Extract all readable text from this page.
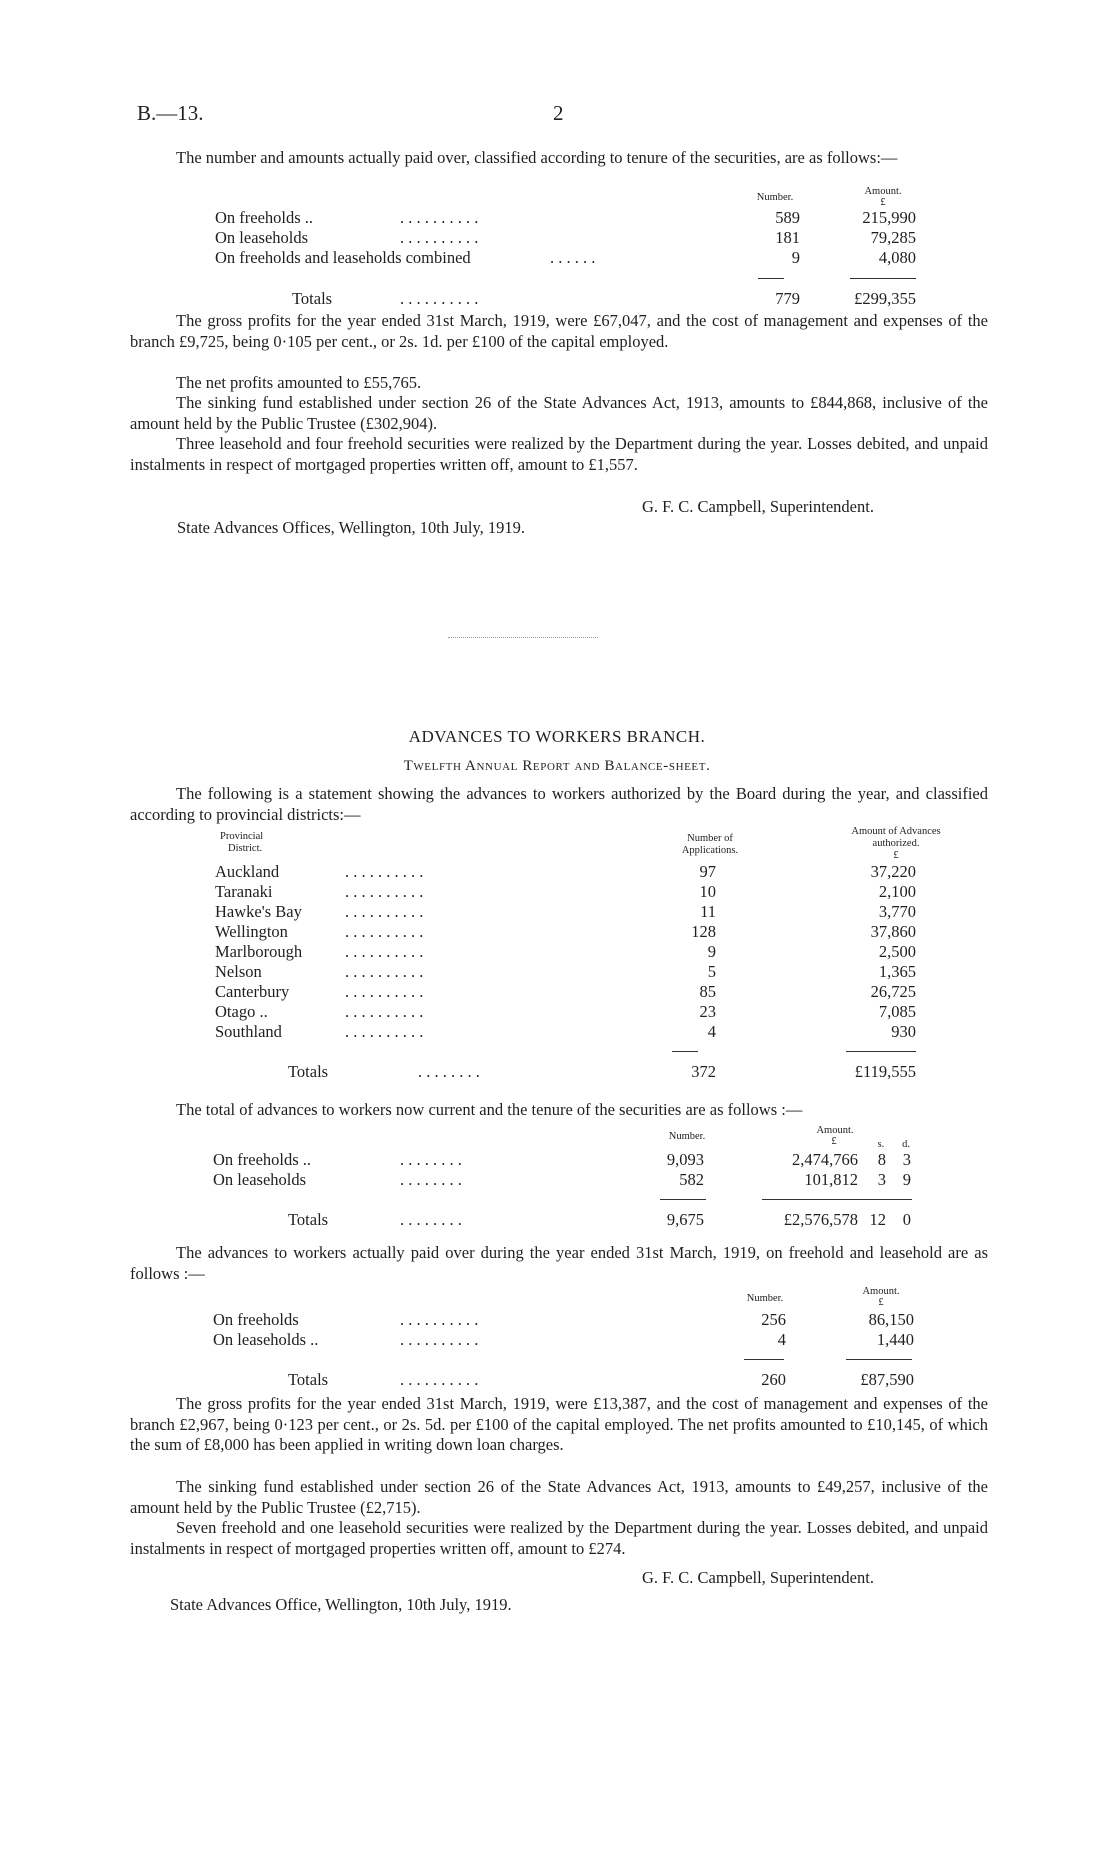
B.—13.	2
The number and amounts actually paid over, classified according to tenure of the securities, are as follows:—
Number.
Amount.
£
On freeholds ..	. . . . . . . . . .	589	215,990
On leaseholds	. . . . . . . . . .	181	79,285
On freeholds and leaseholds combined	. . . . . .	9	4,080
Totals	. . . . . . . . . .	779	£299,355
The gross profits for the year ended 31st March, 1919, were £67,047, and the cost of management and expenses of the branch £9,725, being 0·105 per cent., or 2s. 1d. per £100 of the capital employed.
The net profits amounted to £55,765.
The sinking fund established under section 26 of the State Advances Act, 1913, amounts to £844,868, inclusive of the amount held by the Public Trustee (£302,904).
Three leasehold and four freehold securities were realized by the Department during the year. Losses debited, and unpaid instalments in respect of mortgaged properties written off, amount to £1,557.
G. F. C. Campbell, Superintendent.
State Advances Offices, Wellington, 10th July, 1919.
ADVANCES TO WORKERS BRANCH.
Twelfth Annual Report and Balance-sheet.
The following is a statement showing the advances to workers authorized by the Board during the year, and classified according to provincial districts:—
Provincial
District.
Number of
Applications.
Amount of Advances
authorized.
£
Auckland	. . . . . . . . . .	97	37,220
Taranaki	. . . . . . . . . .	10	2,100
Hawke's Bay	. . . . . . . . . .	11	3,770
Wellington	. . . . . . . . . .	128	37,860
Marlborough	. . . . . . . . . .	9	2,500
Nelson	. . . . . . . . . .	5	1,365
Canterbury	. . . . . . . . . .	85	26,725
Otago ..	. . . . . . . . . .	23	7,085
Southland	. . . . . . . . . .	4	930
Totals	. . . . . . . .	372	£119,555
The total of advances to workers now current and the tenure of the securities are as follows :—
Number.
Amount.
£	s.	d.
On freeholds ..	. . . . . . . .	9,093	2,474,766	8	3
On leaseholds	. . . . . . . .	582	101,812	3	9
Totals	. . . . . . . .	9,675	£2,576,578 12	0
The advances to workers actually paid over during the year ended 31st March, 1919, on freehold and leasehold are as follows :—
Number.
Amount.
£
On freeholds	. . . . . . . . . .	256	86,150
On leaseholds ..	. . . . . . . . . .	4	1,440
Totals	. . . . . . . . . .	260	£87,590
The gross profits for the year ended 31st March, 1919, were £13,387, and the cost of management and expenses of the branch £2,967, being 0·123 per cent., or 2s. 5d. per £100 of the capital employed. The net profits amounted to £10,145, of which the sum of £8,000 has been applied in writing down loan charges.
The sinking fund established under section 26 of the State Advances Act, 1913, amounts to £49,257, inclusive of the amount held by the Public Trustee (£2,715).
Seven freehold and one leasehold securities were realized by the Department during the year. Losses debited, and unpaid instalments in respect of mortgaged properties written off, amount to £274.
G. F. C. Campbell, Superintendent.
State Advances Office, Wellington, 10th July, 1919.
